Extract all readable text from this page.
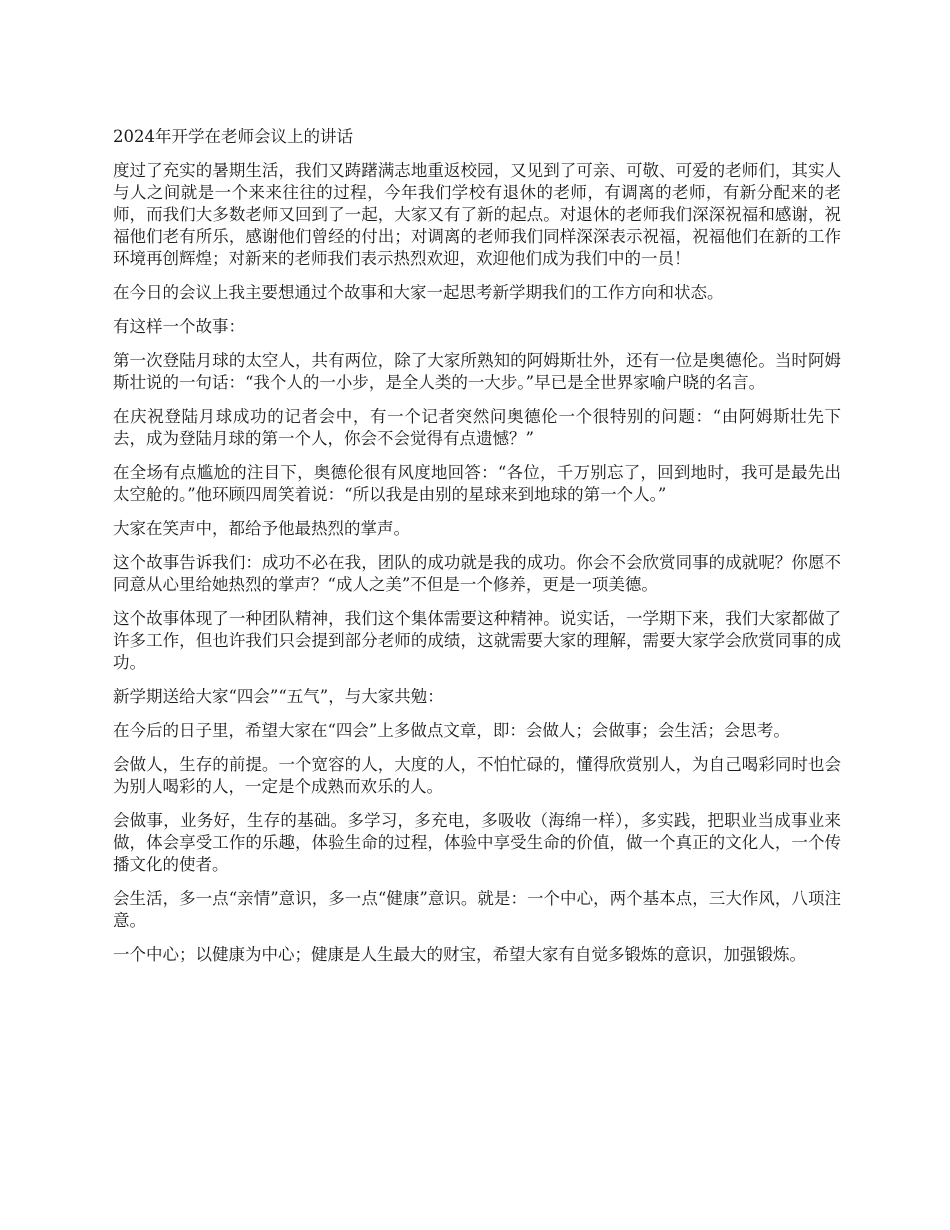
2024年开学在老师会议上的讲话

度过了充实的暑期生活，我们又踌躇满志地重返校园，又见到了可亲、可敬、可爱的老师们，其实人与人之间就是一个来来往往的过程，今年我们学校有退休的老师，有调离的老师，有新分配来的老师，而我们大多数老师又回到了一起，大家又有了新的起点。对退休的老师我们深深祝福和感谢，祝福他们老有所乐，感谢他们曾经的付出；对调离的老师我们同样深深表示祝福，祝福他们在新的工作环境再创辉煌；对新来的老师我们表示热烈欢迎，欢迎他们成为我们中的一员！

在今日的会议上我主要想通过个故事和大家一起思考新学期我们的工作方向和状态。

有这样一个故事：

第一次登陆月球的太空人，共有两位，除了大家所熟知的阿姆斯壮外，还有一位是奥德伦。当时阿姆斯壮说的一句话：“我个人的一小步，是全人类的一大步。”早已是全世界家喻户晓的名言。

在庆祝登陆月球成功的记者会中，有一个记者突然问奥德伦一个很特别的问题：“由阿姆斯壮先下去，成为登陆月球的第一个人，你会不会觉得有点遗憾？”

在全场有点尴尬的注目下，奥德伦很有风度地回答：“各位，千万别忘了，回到地时，我可是最先出太空舱的。”他环顾四周笑着说：“所以我是由别的星球来到地球的第一个人。”

大家在笑声中，都给予他最热烈的掌声。

这个故事告诉我们：成功不必在我，团队的成功就是我的成功。你会不会欣赏同事的成就呢？你愿不同意从心里给她热烈的掌声？“成人之美”不但是一个修养，更是一项美德。

这个故事体现了一种团队精神，我们这个集体需要这种精神。说实话，一学期下来，我们大家都做了许多工作，但也许我们只会提到部分老师的成绩，这就需要大家的理解，需要大家学会欣赏同事的成功。

新学期送给大家“四会”“五气”，与大家共勉：

在今后的日子里，希望大家在“四会”上多做点文章，即：会做人；会做事；会生活；会思考。

会做人，生存的前提。一个宽容的人，大度的人，不怕忙碌的，懂得欣赏别人，为自己喝彩同时也会为别人喝彩的人，一定是个成熟而欢乐的人。

会做事，业务好，生存的基础。多学习，多充电，多吸收（海绵一样），多实践，把职业当成事业来做，体会享受工作的乐趣，体验生命的过程，体验中享受生命的价值，做一个真正的文化人，一个传播文化的使者。

会生活，多一点“亲情”意识，多一点“健康”意识。就是：一个中心，两个基本点，三大作风，八项注意。

一个中心；以健康为中心；健康是人生最大的财宝，希望大家有自觉多锻炼的意识，加强锻炼。
